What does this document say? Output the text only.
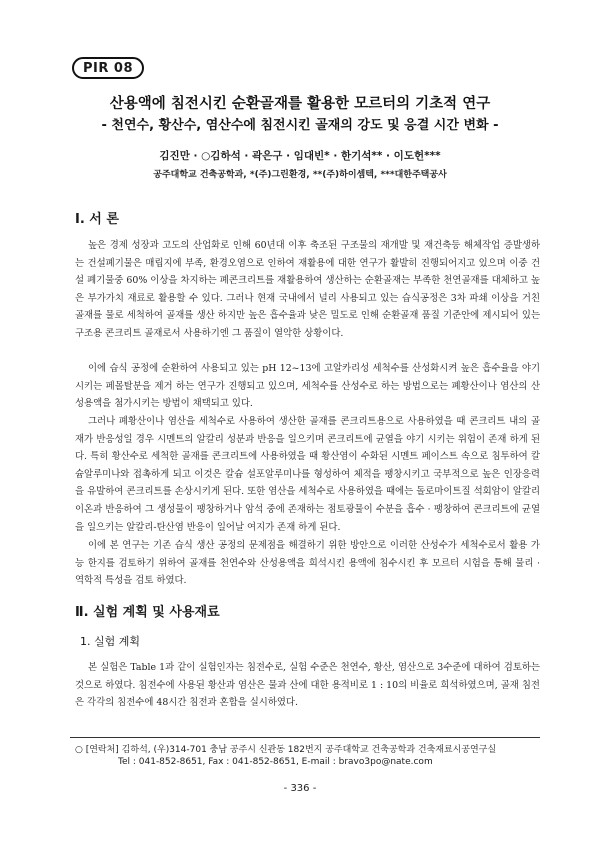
PIR 08
산용액에 침전시킨 순환골재를 활용한 모르터의 기초적 연구
- 천연수, 황산수, 염산수에 침전시킨 골재의 강도 및 응결 시간 변화 -
김진만 · ○김하석 · 곽은구 · 임대빈* · 한기석** · 이도헌***
공주대학교 건축공학과, *(주)그린환경, **(주)하이셈텍, ***대한주택공사
Ⅰ. 서 론

높은 경제 성장과 고도의 산업화로 인해 60년대 이후 축조된 구조물의 재개발 및 재건축등 해체작업 증발생하는 건설폐기물은 매립지에 부족, 환경오염으로 인하여 재활용에 대한 연구가 활발히 진행되어지고 있으며 이중 건설 폐기물중 60% 이상을 차지하는 폐콘크리트를 재활용하여 생산하는 순환골재는 부족한 천연골재를 대체하고 높은 부가가치 재료로 활용할 수 있다. 그러나 현재 국내에서 널리 사용되고 있는 습식공정은 3차 파쇄 이상을 거친 골재를 물로 세척하여 골재를 생산 하지만 높은 흡수율과 낮은 밀도로 인해 순환골재 품질 기준안에 제시되어 있는 구조용 콘크리트 골재로서 사용하기엔 그 품질이 열악한 상황이다.

이에 습식 공정에 순환하여 사용되고 있는 pH 12~13에 고알카리성 세척수를 산성화시켜 높은 흡수율을 야기 시키는 페몰탈분을 제거 하는 연구가 진행되고 있으며, 세척수를 산성수로 하는 방법으로는 폐황산이나 염산의 산성용액을 첨가시키는 방법이 채택되고 있다.

그러나 폐황산이나 염산을 세척수로 사용하여 생산한 골재를 콘크리트용으로 사용하였을 때 콘크리트 내의 골재가 반응성일 경우 시멘트의 알칼리 성분과 반응을 일으키며 콘크리트에 균열을 야기 시키는 위험이 존재 하게 된다. 특히 황산수로 세척한 골재를 콘크리트에 사용하였을 때 황산염이 수화된 시멘트 페이스트 속으로 침투하여 칼슘알루미나와 접촉하게 되고 이것은 칼슘 설포알루미나를 형성하여 체적을 팽창시키고 국부적으로 높은 인장응력을 유발하여 콘크리트를 손상시키게 된다. 또한 염산을 세척수로 사용하였을 때에는 돌로마이트질 석회암이 알칼리 이온과 반응하여 그 생성물이 팽창하거나 암석 중에 존재하는 점토광물이 수분을 흡수 · 팽창하여 콘크리트에 균열을 일으키는 알칼리-탄산염 반응이 일어날 여지가 존재 하게 된다.

이에 본 연구는 기존 습식 생산 공정의 문제점을 해결하기 위한 방안으로 이러한 산성수가 세척수로서 활용 가능 한지를 검토하기 위하여 골재를 천연수와 산성용액을 희석시킨 용액에 침수시킨 후 모르터 시험을 통해 물리 · 역학적 특성을 검토 하였다.

Ⅱ. 실험 계획 및 사용재료
1. 실험 계획

본 실험은 Table 1과 같이 실험인자는 침전수로, 실험 수준은 천연수, 황산, 염산으로 3수준에 대하여 검토하는 것으로 하였다. 침전수에 사용된 황산과 염산은 물과 산에 대한 용적비로 1 : 10의 비율로 희석하였으며, 골재 침전은 각각의 침전수에 48시간 침전과 혼합을 실시하였다.

○ [연락처] 김하석, (우)314-701 충남 공주시 신관동 182번지 공주대학교 건축공학과 건축재료시공연구실
Tel : 041-852-8651, Fax : 041-852-8651, E-mail : bravo3po@nate.com
- 336 -
